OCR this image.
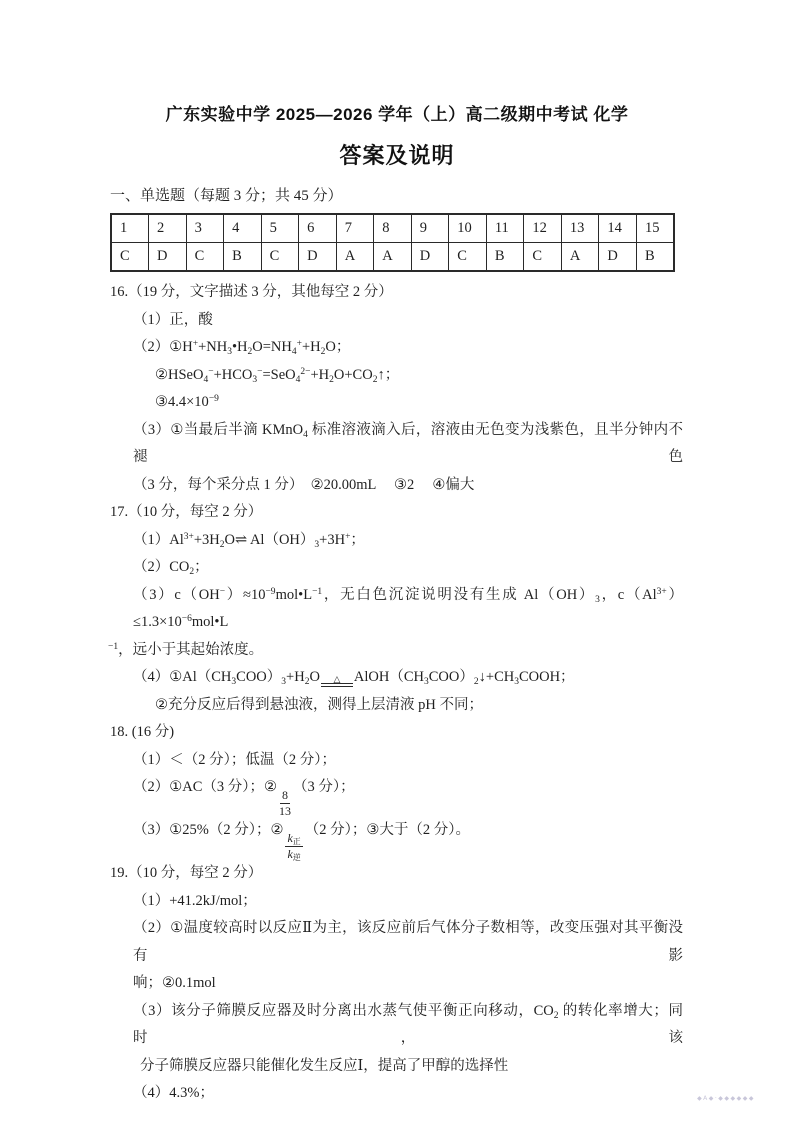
广东实验中学 2025—2026 学年（上）高二级期中考试 化学
答案及说明

一、单选题（每题 3 分；共 45 分）

1	2	3	4	5	6	7	8	9	10	11	12	13	14	15
C	D	C	B	C	D	A	A	D	C	B	C	A	D	B

16.（19 分，文字描述 3 分，其他每空 2 分）

（1）正，酸

$(2)①H^++NH_3•H_2O=NH_4^++H_2O$；

$②HSeO_4^-+HCO_3^-=SeO_4^{2-}+H_2O+CO_2↑$；

$③4.4\times 10^{-9}$

（3）①当最后半滴 KMnO$_4$ 标准溶液滴入后，溶液由无色变为浅紫色，且半分钟内不褪色

（3 分，每个采分点 1 分）　②20.00mL　 ③2　 ④偏大

17.（10 分，每空 2 分）

$(1)Al^{3+}+3H_2O\rightleftharpoons$ $Al(OH)_3+3H^+$；

$(2)CO_2$；

$(3)c(OH^-)\approx 10^{-9}mol•L^{-1}$，无白色沉淀说明没有生成 $Al(OH)_3$，$c(Al^{3+})\le 1.3\times 10^{-6}mol•L$

$^{-1}$，远小于其起始浓度。

$(4)①Al(CH_3COO)_3+H_2O$ △ $AlOH(CH_3COO)_2↓+CH_3COOH$；

②充分反应后得到悬浊液，测得上层清液 pH 不同；

18. (16 分)

（1）＜（2 分）；低温（2 分）；

（2）①AC（3 分）；②
$\frac{8}{13}$
（3 分）；

（3）①25%（2 分）；②
$\frac{k_正}{k_逆}$
（2 分）；③大于（2 分）。

19.（10 分，每空 2 分）

（1）+41.2kJ/mol；

（2）①温度较高时以反应Ⅱ为主，该反应前后气体分子数相等，改变压强对其平衡没有影

响；②0.1mol

（3）该分子筛膜反应器及时分离出水蒸气使平衡正向移动，$CO_2$ 的转化率增大；同时，该

分子筛膜反应器只能催化发生反应Ⅰ，提高了甲醇的选择性

（4）4.3%；	◆A◆·◆◆◆◆◆◆
